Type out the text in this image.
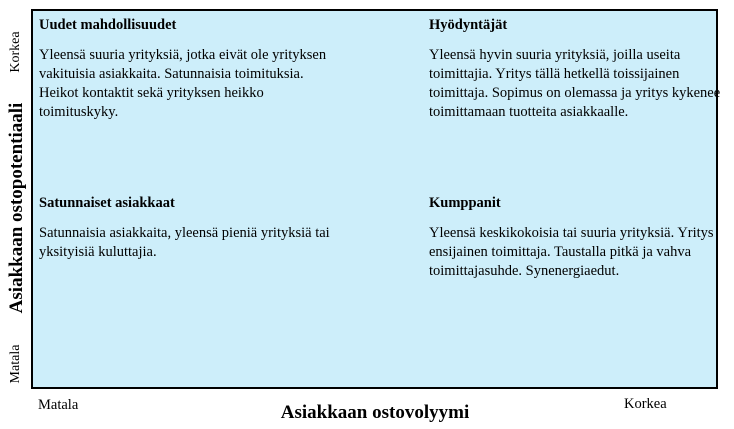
Asiakkaan ostopotentiaali
Korkea
Matala

Uudet mahdollisuudet

Yleensä suuria yrityksiä, jotka eivät ole yrityksen vakituisia asiakkaita. Satunnaisia toimituksia. Heikot kontaktit sekä yrityksen heikko toimituskyky.

Hyödyntäjät

Yleensä hyvin suuria yrityksiä, joilla useita toimittajia. Yritys tällä hetkellä toissijainen toimittaja. Sopimus on olemassa ja yritys kykenee toimittamaan tuotteita asiakkaalle.

Satunnaiset asiakkaat

Satunnaisia asiakkaita, yleensä pieniä yrityksiä tai yksityisiä kuluttajia.

Kumppanit

Yleensä keskikokoisia tai suuria yrityksiä. Yritys ensijainen toimittaja. Taustalla pitkä ja vahva toimittajasuhde. Synenergiaedut.

Matala	Korkea
Asiakkaan ostovolyymi
